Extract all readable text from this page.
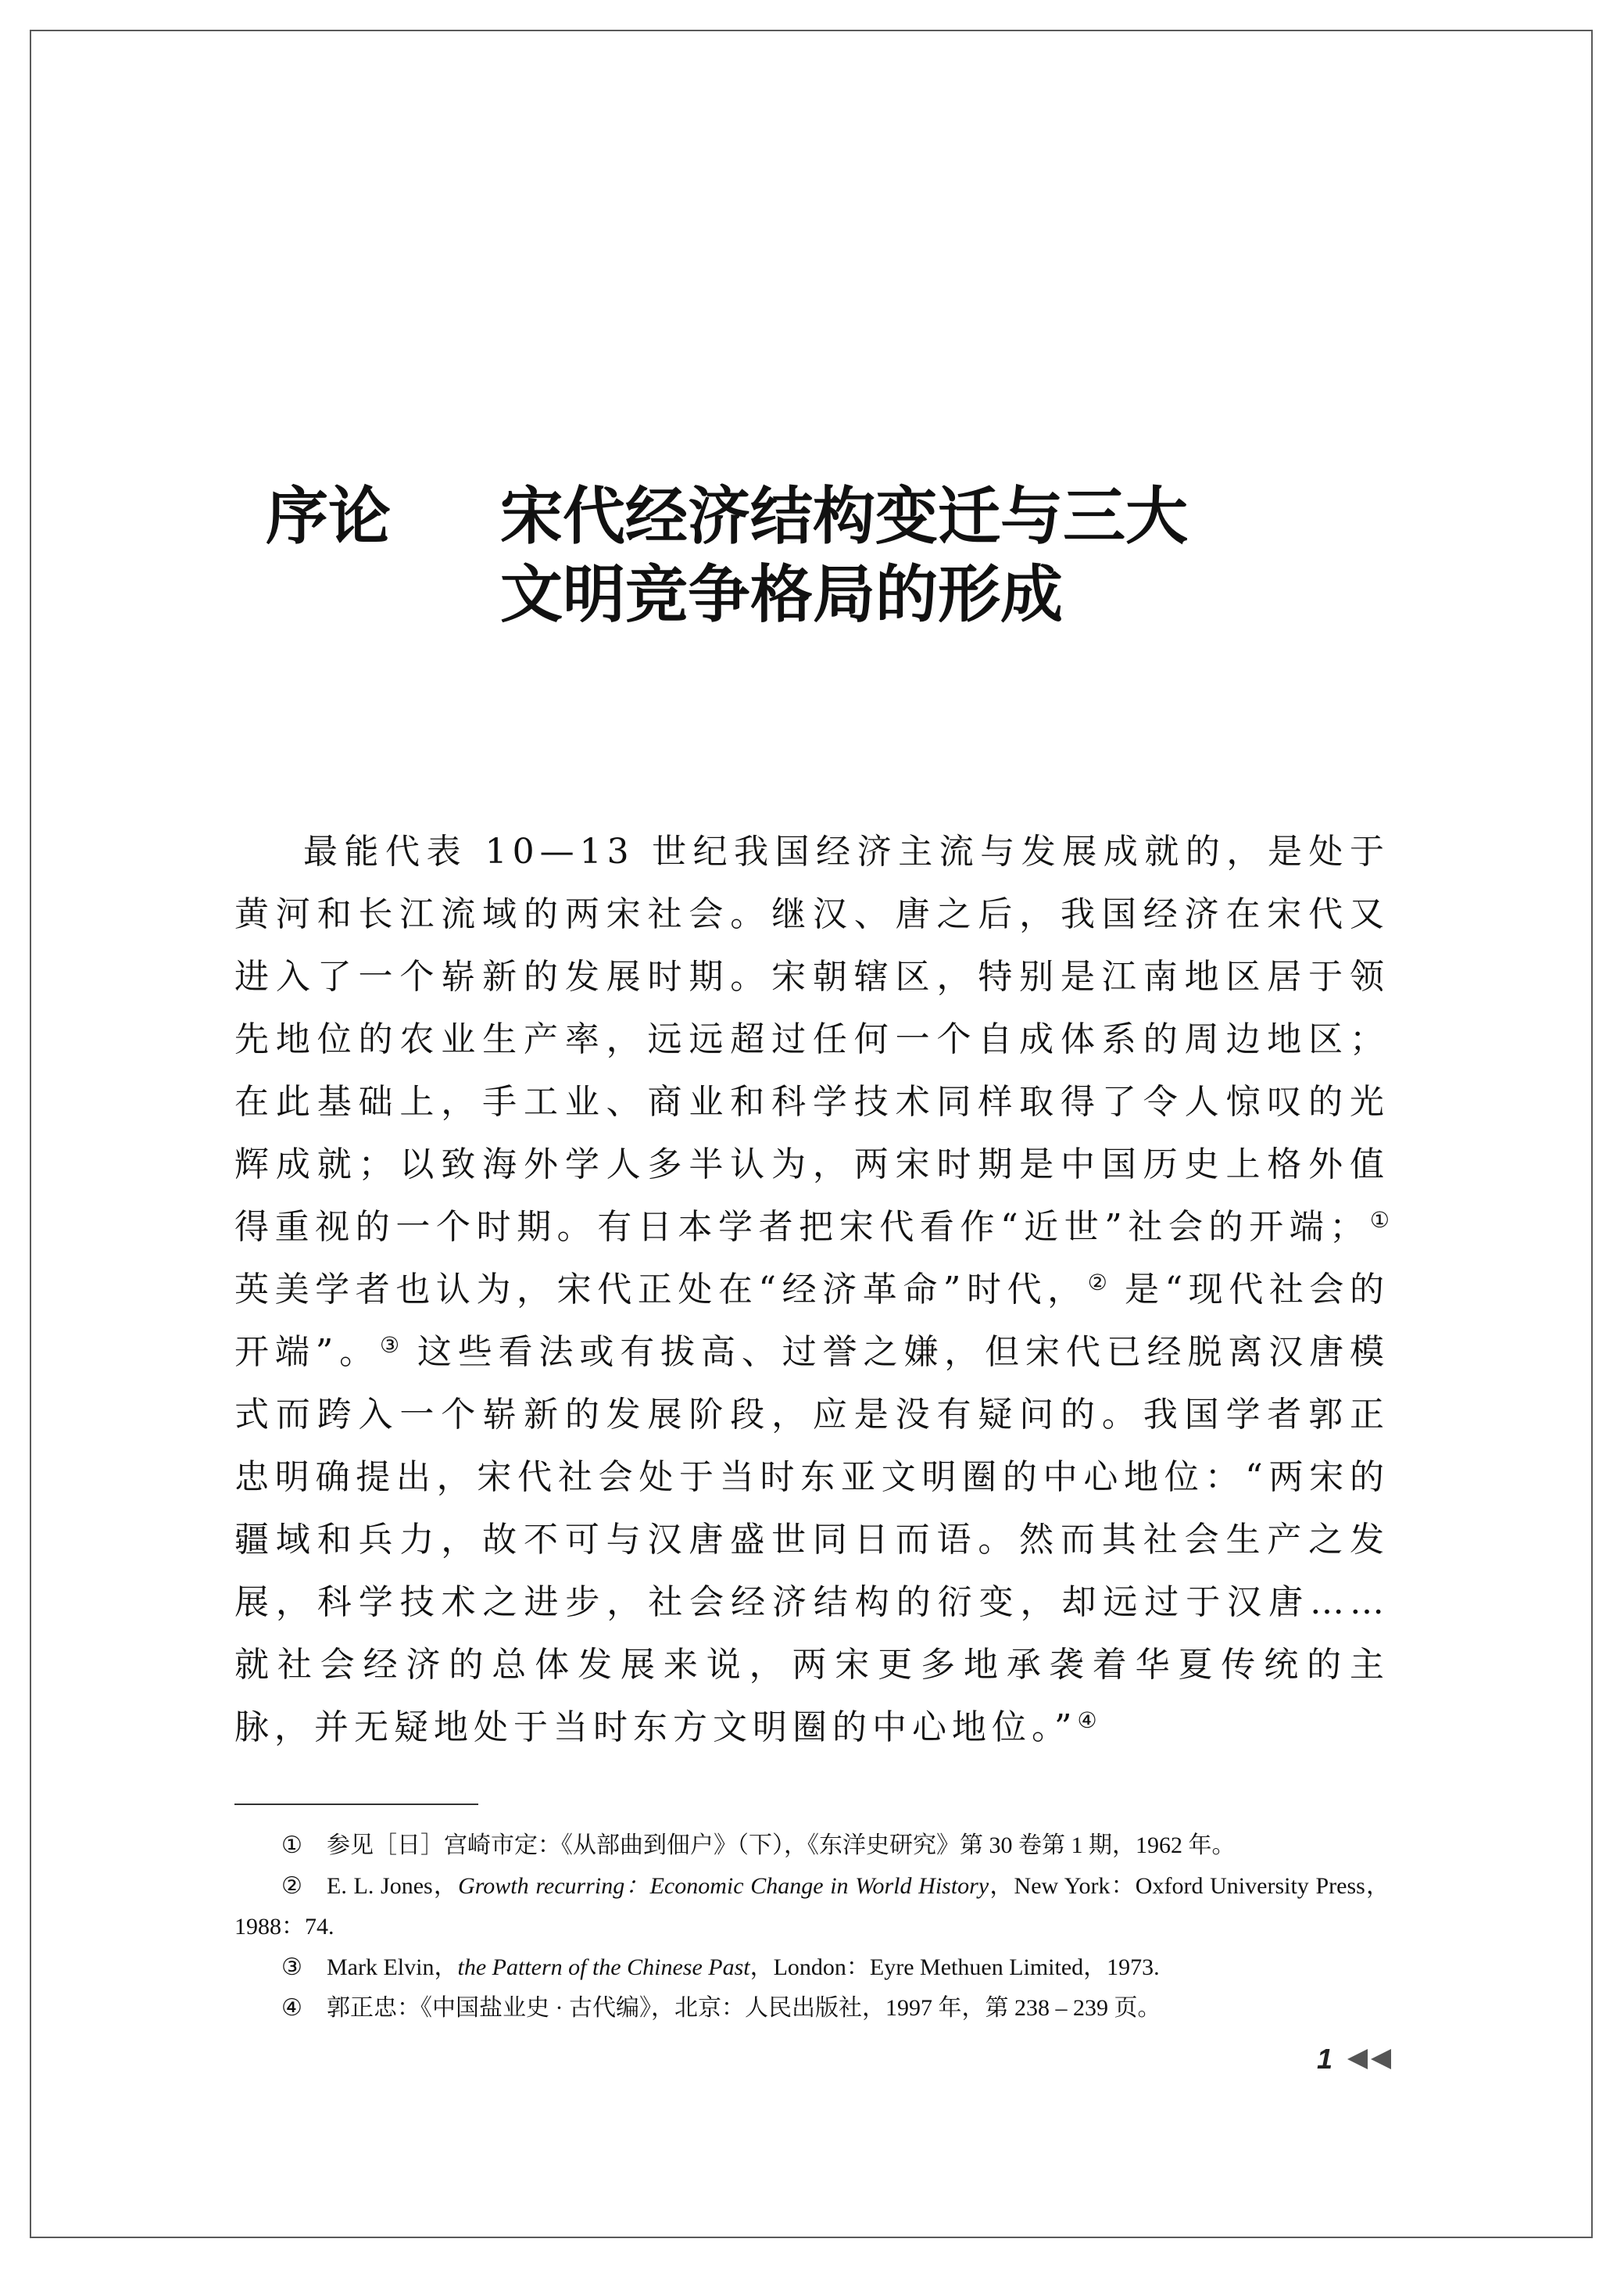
序论 宋代经济结构变迁与三大
文明竞争格局的形成

最能代表 10—13 世纪我国经济主流与发展成就的，是处于黄河和长江流域的两宋社会。继汉、唐之后，我国经济在宋代又进入了一个崭新的发展时期。宋朝辖区，特别是江南地区居于领先地位的农业生产率，远远超过任何一个自成体系的周边地区；在此基础上，手工业、商业和科学技术同样取得了令人惊叹的光辉成就；以致海外学人多半认为，两宋时期是中国历史上格外值得重视的一个时期。有日本学者把宋代看作“近世”社会的开端；① 英美学者也认为，宋代正处在“经济革命”时代，② 是“现代社会的开端”。③ 这些看法或有拔高、过誉之嫌，但宋代已经脱离汉唐模式而跨入一个崭新的发展阶段，应是没有疑问的。我国学者郭正忠明确提出，宋代社会处于当时东亚文明圈的中心地位：“两宋的疆域和兵力，故不可与汉唐盛世同日而语。然而其社会生产之发展，科学技术之进步，社会经济结构的衍变，却远过于汉唐……就社会经济的总体发展来说，两宋更多地承袭着华夏传统的主脉，并无疑地处于当时东方文明圈的中心地位。”④

① 参见［日］宫崎市定：《从部曲到佃户》（下），《东洋史研究》第 30 卷第 1 期，1962 年。

② E. L. Jones，Growth recurring：Economic Change in World History，New York：Oxford University Press，1988：74.

③ Mark Elvin，the Pattern of the Chinese Past，London：Eyre Methuen Limited，1973.

④ 郭正忠：《中国盐业史 · 古代编》，北京：人民出版社，1997 年，第 238 – 239 页。

1
